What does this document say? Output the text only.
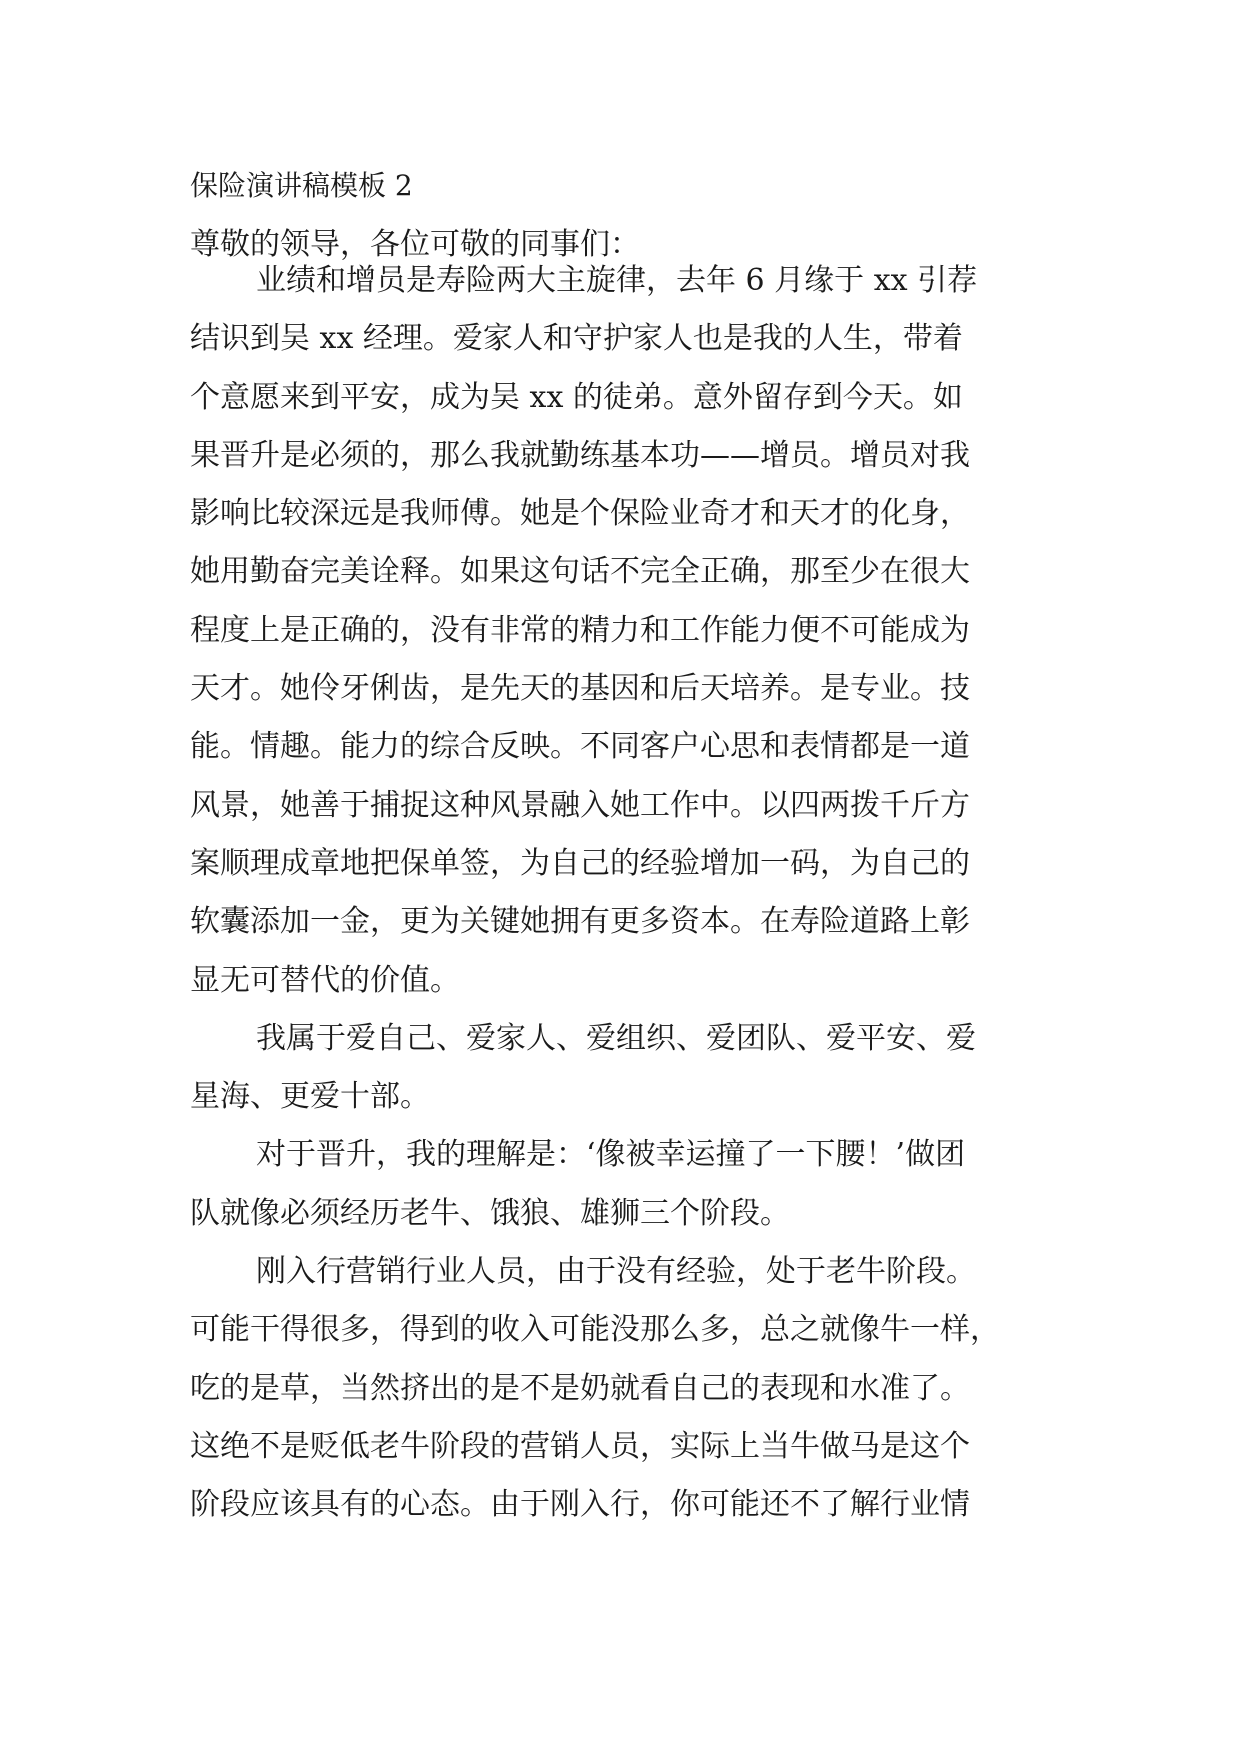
保险演讲稿模板 2
尊敬的领导，各位可敬的同事们：
业绩和增员是寿险两大主旋律，去年 6 月缘于 xx 引荐
结识到吴 xx 经理。爱家人和守护家人也是我的人生，带着
个意愿来到平安，成为吴 xx 的徒弟。意外留存到今天。如
果晋升是必须的，那么我就勤练基本功——增员。增员对我
影响比较深远是我师傅。她是个保险业奇才和天才的化身，
她用勤奋完美诠释。如果这句话不完全正确，那至少在很大
程度上是正确的，没有非常的精力和工作能力便不可能成为
天才。她伶牙俐齿，是先天的基因和后天培养。是专业。技
能。情趣。能力的综合反映。不同客户心思和表情都是一道
风景，她善于捕捉这种风景融入她工作中。以四两拨千斤方
案顺理成章地把保单签，为自己的经验增加一码，为自己的
软囊添加一金，更为关键她拥有更多资本。在寿险道路上彰
显无可替代的价值。
我属于爱自己、爱家人、爱组织、爱团队、爱平安、爱
星海、更爱十部。
对于晋升，我的理解是：‘像被幸运撞了一下腰！’做团
队就像必须经历老牛、饿狼、雄狮三个阶段。
刚入行营销行业人员，由于没有经验，处于老牛阶段。
可能干得很多，得到的收入可能没那么多，总之就像牛一样，
吃的是草，当然挤出的是不是奶就看自己的表现和水准了。
这绝不是贬低老牛阶段的营销人员，实际上当牛做马是这个
阶段应该具有的心态。由于刚入行，你可能还不了解行业情
